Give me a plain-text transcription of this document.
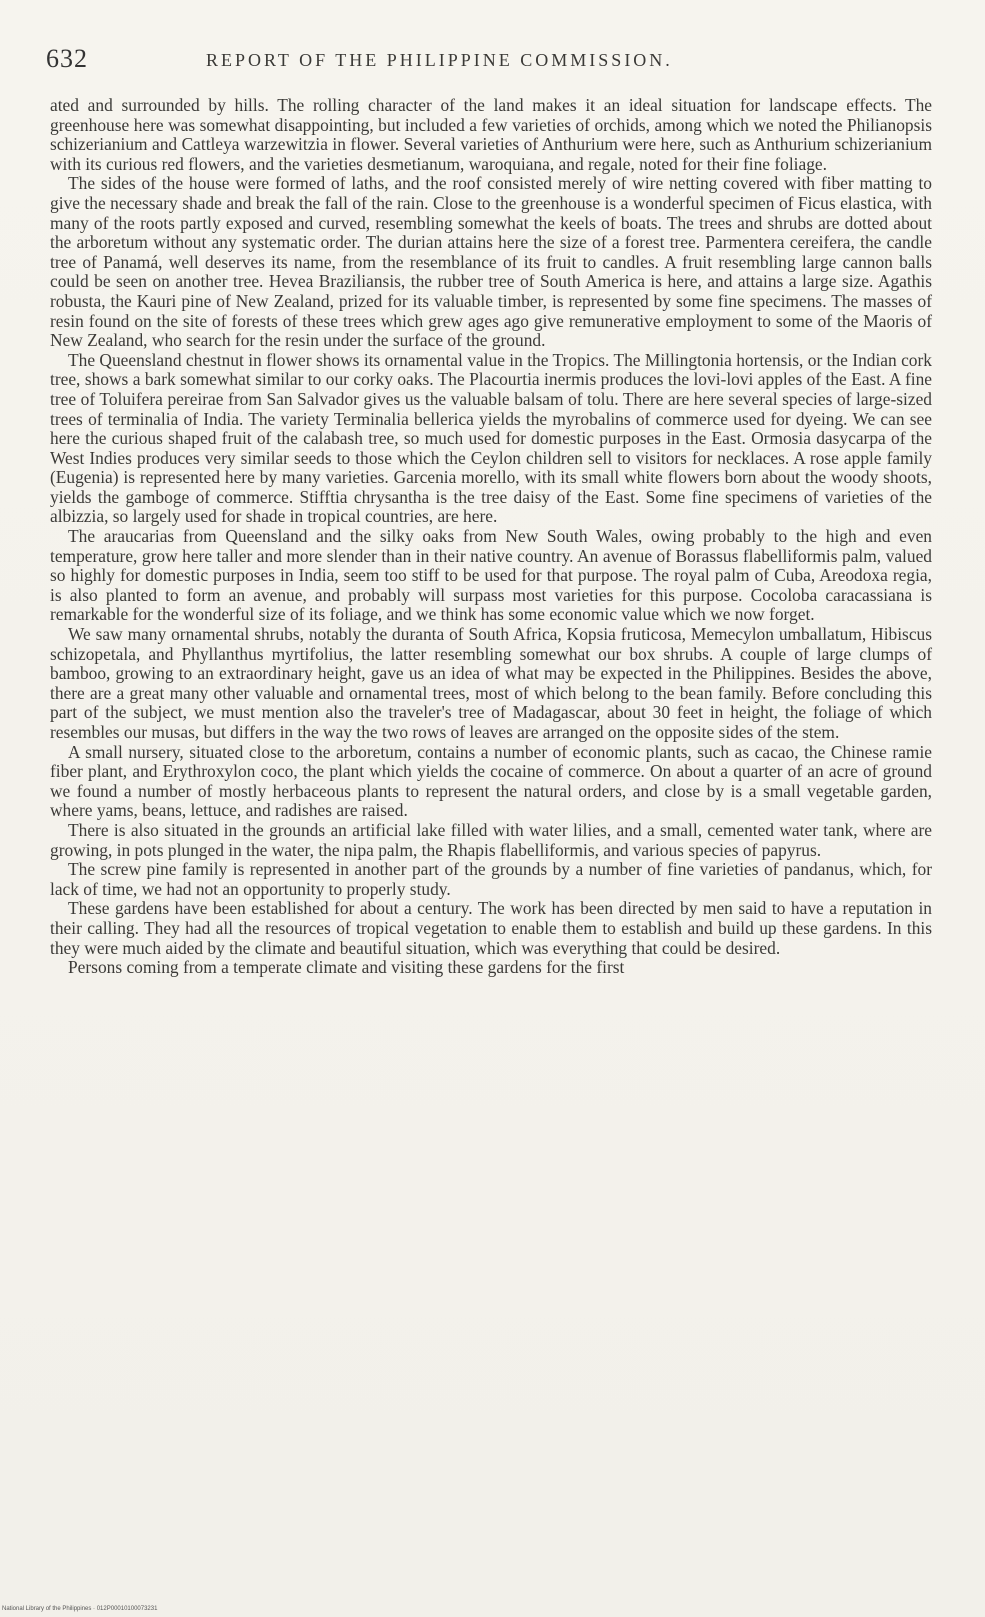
632	REPORT OF THE PHILIPPINE COMMISSION.

ated and surrounded by hills. The rolling character of the land makes it an ideal situation for landscape effects. The greenhouse here was somewhat disappointing, but included a few varieties of orchids, among which we noted the Philianopsis schizerianium and Cattleya warzewitzia in flower. Several varieties of Anthurium were here, such as Anthurium schizerianium with its curious red flowers, and the varieties desmetianum, waroquiana, and regale, noted for their fine foliage.

The sides of the house were formed of laths, and the roof consisted merely of wire netting covered with fiber matting to give the necessary shade and break the fall of the rain. Close to the greenhouse is a wonderful specimen of Ficus elastica, with many of the roots partly exposed and curved, resembling somewhat the keels of boats. The trees and shrubs are dotted about the arboretum without any systematic order. The durian attains here the size of a forest tree. Parmentera cereifera, the candle tree of Panamá, well deserves its name, from the resemblance of its fruit to candles. A fruit resembling large cannon balls could be seen on another tree. Hevea Braziliansis, the rubber tree of South America is here, and attains a large size. Agathis robusta, the Kauri pine of New Zealand, prized for its valuable timber, is represented by some fine specimens. The masses of resin found on the site of forests of these trees which grew ages ago give remunerative employment to some of the Maoris of New Zealand, who search for the resin under the surface of the ground.

The Queensland chestnut in flower shows its ornamental value in the Tropics. The Millingtonia hortensis, or the Indian cork tree, shows a bark somewhat similar to our corky oaks. The Placourtia inermis produces the lovi-lovi apples of the East. A fine tree of Toluifera pereirae from San Salvador gives us the valuable balsam of tolu. There are here several species of large-sized trees of terminalia of India. The variety Terminalia bellerica yields the myrobalins of commerce used for dyeing. We can see here the curious shaped fruit of the calabash tree, so much used for domestic purposes in the East. Ormosia dasycarpa of the West Indies produces very similar seeds to those which the Ceylon children sell to visitors for necklaces. A rose apple family (Eugenia) is represented here by many varieties. Garcenia morello, with its small white flowers born about the woody shoots, yields the gamboge of commerce. Stifftia chrysantha is the tree daisy of the East. Some fine specimens of varieties of the albizzia, so largely used for shade in tropical countries, are here.

The araucarias from Queensland and the silky oaks from New South Wales, owing probably to the high and even temperature, grow here taller and more slender than in their native country. An avenue of Borassus flabelliformis palm, valued so highly for domestic purposes in India, seem too stiff to be used for that purpose. The royal palm of Cuba, Areodoxa regia, is also planted to form an avenue, and probably will surpass most varieties for this purpose. Cocoloba caracassiana is remarkable for the wonderful size of its foliage, and we think has some economic value which we now forget.

We saw many ornamental shrubs, notably the duranta of South Africa, Kopsia fruticosa, Memecylon umballatum, Hibiscus schizopetala, and Phyllanthus myrtifolius, the latter resembling somewhat our box shrubs. A couple of large clumps of bamboo, growing to an extraordinary height, gave us an idea of what may be expected in the Philippines. Besides the above, there are a great many other valuable and ornamental trees, most of which belong to the bean family. Before concluding this part of the subject, we must mention also the traveler's tree of Madagascar, about 30 feet in height, the foliage of which resembles our musas, but differs in the way the two rows of leaves are arranged on the opposite sides of the stem.

A small nursery, situated close to the arboretum, contains a number of economic plants, such as cacao, the Chinese ramie fiber plant, and Erythroxylon coco, the plant which yields the cocaine of commerce. On about a quarter of an acre of ground we found a number of mostly herbaceous plants to represent the natural orders, and close by is a small vegetable garden, where yams, beans, lettuce, and radishes are raised.

There is also situated in the grounds an artificial lake filled with water lilies, and a small, cemented water tank, where are growing, in pots plunged in the water, the nipa palm, the Rhapis flabelliformis, and various species of papyrus.

The screw pine family is represented in another part of the grounds by a number of fine varieties of pandanus, which, for lack of time, we had not an opportunity to properly study.

These gardens have been established for about a century. The work has been directed by men said to have a reputation in their calling. They had all the resources of tropical vegetation to enable them to establish and build up these gardens. In this they were much aided by the climate and beautiful situation, which was everything that could be desired.

Persons coming from a temperate climate and visiting these gardens for the first

National Library of the Philippines · 012P00010100073231
